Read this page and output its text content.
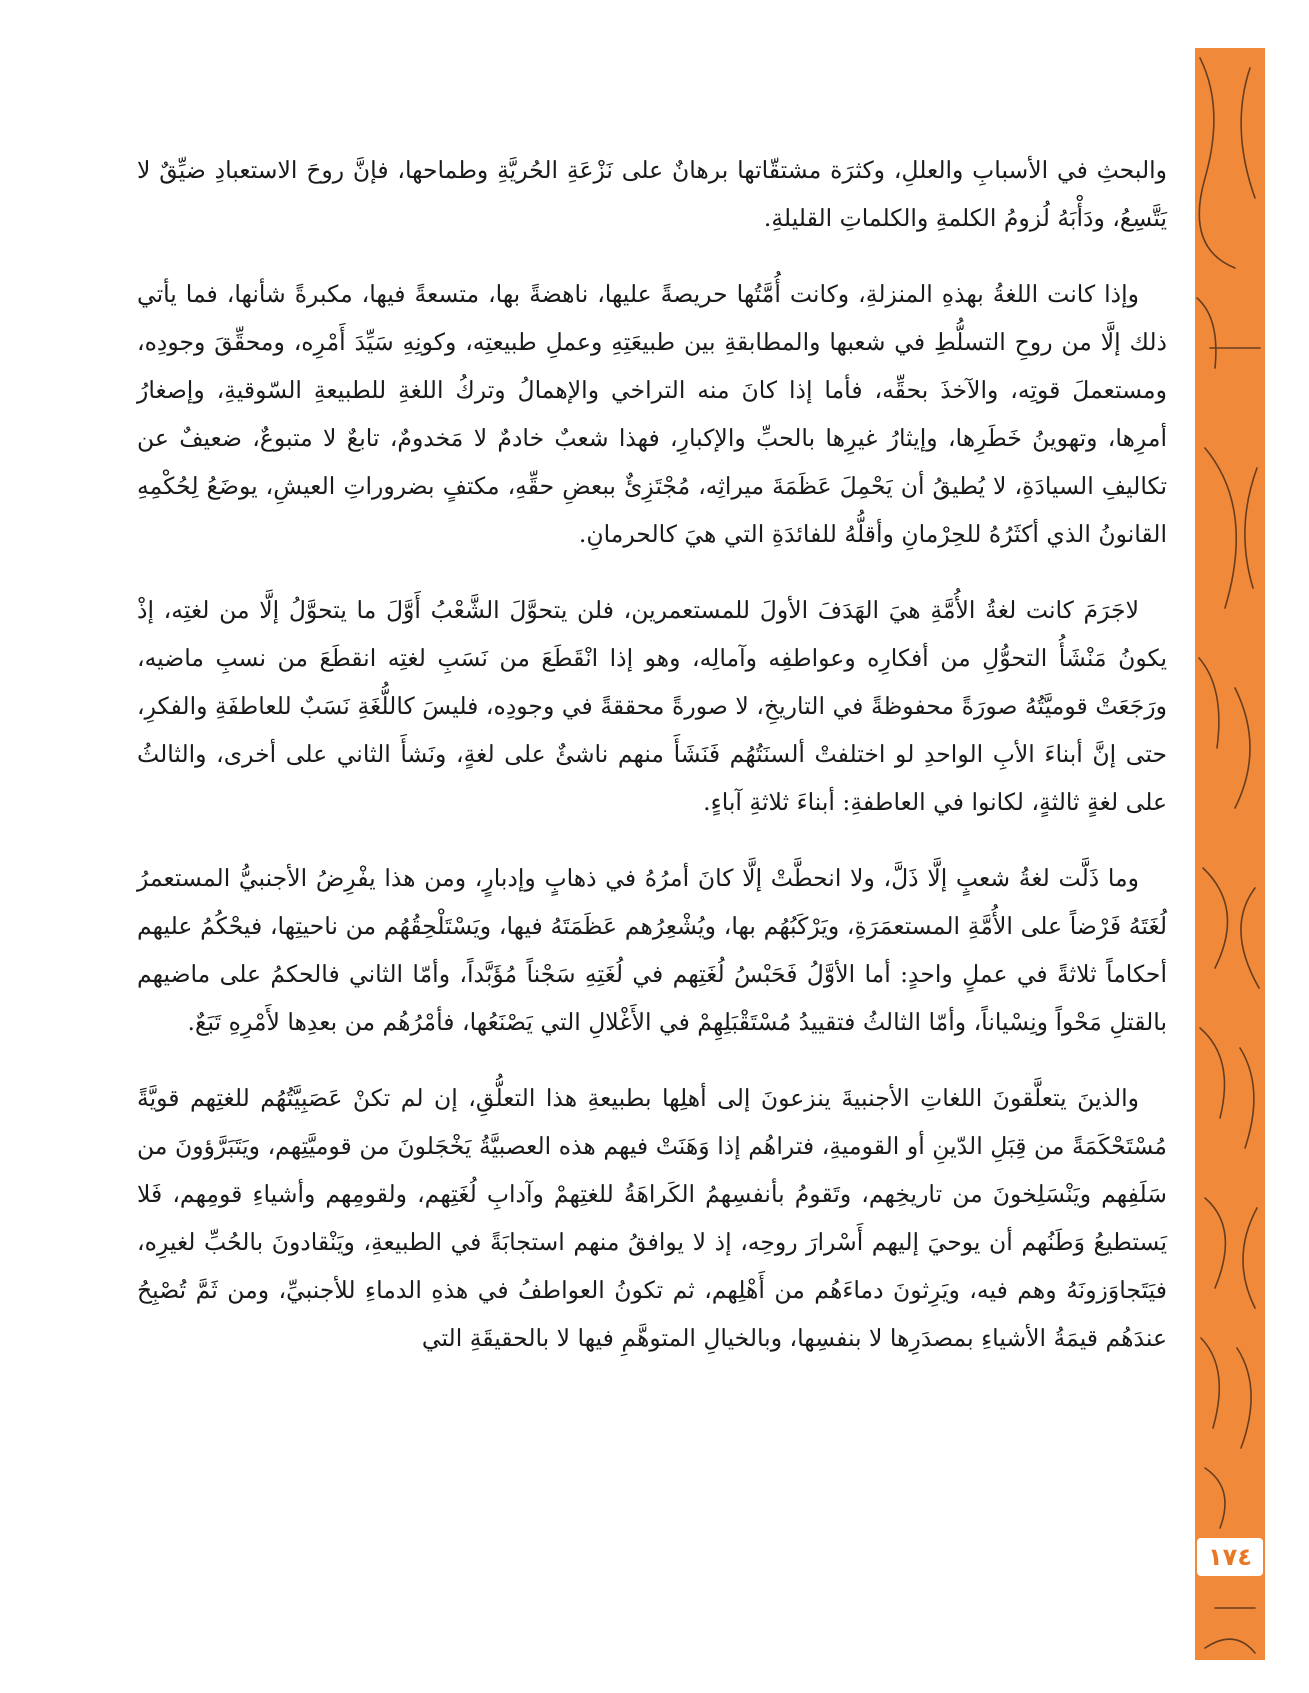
١٧٤

والبحثِ في الأسبابِ والعللِ، وكثرَة مشتقّاتها برهانٌ على نَزْعَةِ الحُريَّةِ وطماحها، فإنَّ روحَ الاستعبادِ ضيِّقٌ لا يَتَّسِعُ، ودَأْبَهُ لُزومُ الكلمةِ والكلماتِ القليلةِ.

وإذا كانت اللغةُ بهذهِ المنزلةِ، وكانت أُمَّتُها حريصةً عليها، ناهضةً بها، متسعةً فيها، مكبرةً شأنها، فما يأتي ذلك إلَّا من روحِ التسلُّطِ في شعبها والمطابقةِ بين طبيعَتِهِ وعملِ طبيعتِه، وكونِهِ سَيِّدَ أَمْرِه، ومحقِّقَ وجودِه، ومستعملَ قوتِه، والآخذَ بحقِّه، فأما إذا كانَ منه التراخي والإهمالُ وتركُ اللغةِ للطبيعةِ السّوقيةِ، وإصغارُ أمرِها، وتهوينُ خَطَرِها، وإيثارُ غيرِها بالحبِّ والإكبارِ، فهذا شعبٌ خادمٌ لا مَخدومٌ، تابعٌ لا متبوعٌ، ضعيفٌ عن تكاليفِ السيادَةِ، لا يُطيقُ أن يَحْمِلَ عَظَمَةَ ميراثِه، مُجْتَزِئٌ ببعضِ حقِّهِ، مكتفٍ بضروراتِ العيشِ، يوضَعُ لِحُكْمِهِ القانونُ الذي أكثَرُهُ للحِرْمانِ وأقلُّهُ للفائدَةِ التي هيَ كالحرمانِ.

لاجَرَمَ كانت لغةُ الأُمَّةِ هيَ الهَدَفَ الأولَ للمستعمرين، فلن يتحوَّلَ الشَّعْبُ أَوَّلَ ما يتحوَّلُ إلَّا من لغتِه، إذْ يكونُ مَنْشَأُ التحوُّلِ من أفكارِه وعواطفِه وآمالِه، وهو إذا انْقَطَعَ من نَسَبِ لغتِه انقطَعَ من نسبِ ماضيه، ورَجَعَتْ قوميَّتُهُ صورَةً محفوظةً في التاريخِ، لا صورةً محققةً في وجودِه، فليسَ كاللُّغَةِ نَسَبٌ للعاطفَةِ والفكرِ، حتى إنَّ أبناءَ الأبِ الواحدِ لو اختلفتْ ألسنَتُهُم فَنَشَأَ منهم ناشئٌ على لغةٍ، ونَشأَ الثاني على أخرى، والثالثُ على لغةٍ ثالثةٍ، لكانوا في العاطفةِ: أبناءَ ثلاثةِ آباءٍ.

وما ذَلَّت لغةُ شعبٍ إلَّا ذَلَّ، ولا انحطَّتْ إلَّا كانَ أمرُهُ في ذهابٍ وإدبارٍ، ومن هذا يفْرِضُ الأجنبيُّ المستعمرُ لُغَتَهُ فَرْضاً على الأُمَّةِ المستعمَرَةِ، ويَرْكَبُهُم بها، ويُشْعِرُهم عَظَمَتَهُ فيها، ويَسْتَلْحِقُهُم من ناحيتِها، فيحْكُمُ عليهم أحكاماً ثلاثةً في عملٍ واحدٍ: أما الأوَّلُ فَحَبْسُ لُغَتِهم في لُغَتِهِ سَجْناً مُؤَبَّداً، وأمّا الثاني فالحكمُ على ماضيهم بالقتلِ مَحْواً ونِسْياناً، وأمّا الثالثُ فتقييدُ مُسْتَقْبَلِهِمْ في الأَغْلالِ التي يَصْنَعُها، فأمْرُهُم من بعدِها لأَمْرِهِ تَبَعٌ.

والذينَ يتعلَّقونَ اللغاتِ الأجنبيةَ ينزعونَ إلى أهلِها بطبيعةِ هذا التعلُّقِ، إن لم تكنْ عَصَبِيَّتُهُم للغتِهم قويَّةً مُسْتَحْكَمَةً من قِبَلِ الدّينِ أو القوميةِ، فتراهُم إذا وَهَنَتْ فيهم هذه العصبيَّةُ يَخْجَلونَ من قوميَّتِهم، ويَتَبَرَّؤونَ من سَلَفِهم ويَنْسَلِخونَ من تاريخِهم، وتَقومُ بأنفسِهمُ الكَراهَةُ للغتِهمْ وآدابِ لُغَتِهم، ولقومِهم وأشياءِ قومِهم، فَلا يَستطيعُ وَطَنُهم أن يوحيَ إليهم أَسْرارَ روحِه، إذ لا يوافقُ منهم استجابَةً في الطبيعةِ، ويَنْقادونَ بالحُبِّ لغيرِه، فيَتَجاوَزونَهُ وهم فيه، ويَرِثونَ دماءَهُم من أَهْلِهم، ثم تكونُ العواطفُ في هذهِ الدماءِ للأجنبيِّ، ومن ثَمَّ تُصْبِحُ عندَهُم قيمَةُ الأشياءِ بمصدَرِها لا بنفسِها، وبالخيالِ المتوهَّمِ فيها لا بالحقيقَةِ التي
